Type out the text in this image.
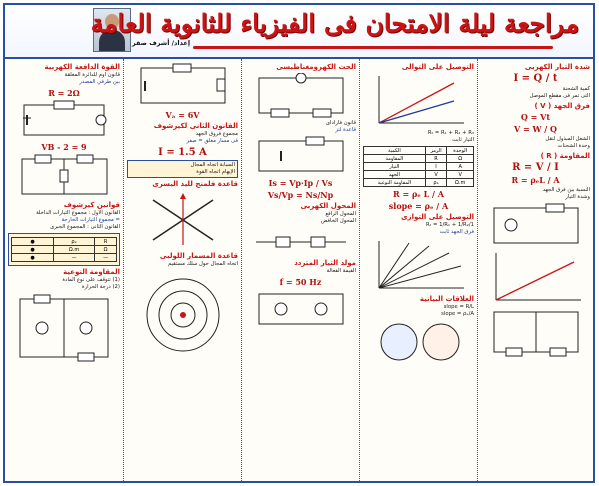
إعداد/ أشرف صقر
مراجعة ليلة الامتحان فى الفيزياء للثانوية العامة
القوة الدافعة الكهربية
قانون أوم للدائرة المغلقة
بين طرفي المصدر
R = 2Ω
VB - 2 = 9
قوانين كيرشوف
القانون الأول : مجموع التيارات الداخلة
= مجموع التيارات الخارجة
القانون الثانى : المجموع الجبرى
●	ρₑ	R
●	Ω.m	Ω
●	—	—
المقاومة النوعية
(1) تتوقف على نوع المادة
(2) درجة الحرارة
Vₐ = 6V
القانون الثانى لكيرشوف
مجموع فروق الجهد
فى مسار مغلق = صفر
I = 1.5 A
السبابة اتجاه المجال
الإبهام اتجاه القوة
قاعدة فلمنج لليد اليسرى
قاعدة المسمار اللولبى
اتجاه المجال حول سلك مستقيم
الحث الكهرومغناطيسى
قانون فاراداى
قاعدة لنز
Is = Vp·Ip / Vs
Vs/Vp = Ns/Np
المحول الكهربى
المحول الرافع
المحول الخافض
مولد التيار المتردد
القيمة الفعالة
f = 50 Hz
التوصيل على التوالى
Rₜ = R₁ + R₂ + R₃
التيار ثابت
الكمية	الرمز	الوحدة
المقاومة	R	Ω
التيار	I	A
الجهد	V	V
المقاومة النوعية	ρₑ	Ω.m
R = ρₑ L / A
slope = ρₑ / A
التوصيل على التوازى
1/Rₜ = 1/R₁ + 1/R₂
فرق الجهد ثابت
العلاقات البيانية
slope = R/L
slope = ρₑ/A
شدة التيار الكهربى
I = Q / t
كمية الشحنة
التى تمر فى مقطع الموصل
فرق الجهد ( V )
Q = Vt
V = W / Q
الشغل المبذول لنقل
وحدة الشحنات
المقاومة ( R )
R = V / I
R = ρₑL / A
النسبة بين فرق الجهد
وشدة التيار
